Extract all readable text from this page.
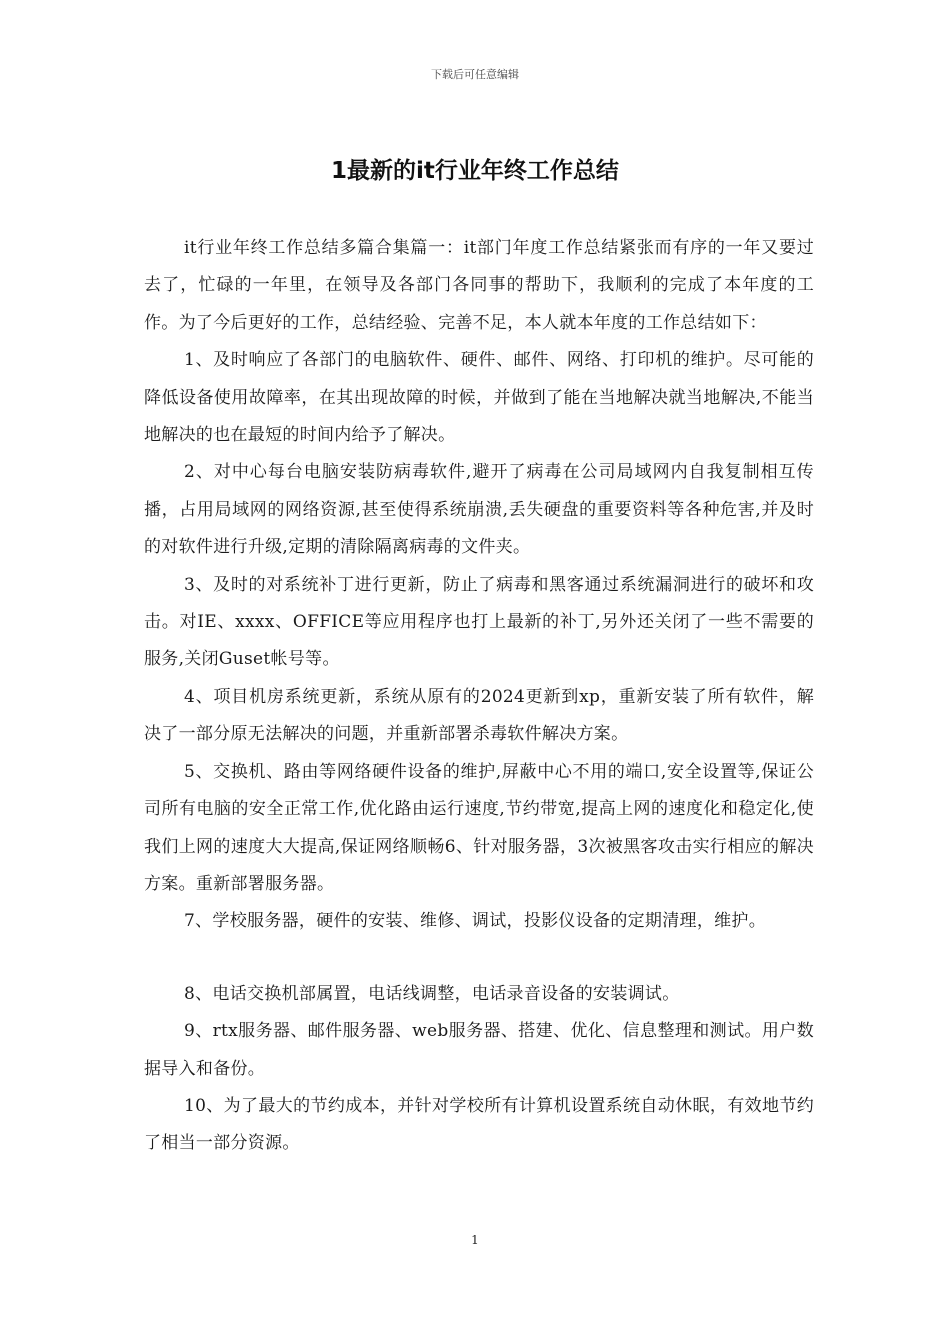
下载后可任意编辑
1最新的it行业年终工作总结

it行业年终工作总结多篇合集篇一：it部门年度工作总结紧张而有序的一年又要过去了，忙碌的一年里，在领导及各部门各同事的帮助下，我顺利的完成了本年度的工作。为了今后更好的工作，总结经验、完善不足，本人就本年度的工作总结如下：

1、及时响应了各部门的电脑软件、硬件、邮件、网络、打印机的维护。尽可能的降低设备使用故障率，在其出现故障的时候，并做到了能在当地解决就当地解决,不能当地解决的也在最短的时间内给予了解决。

2、对中心每台电脑安装防病毒软件,避开了病毒在公司局域网内自我复制相互传播，占用局域网的网络资源,甚至使得系统崩溃,丢失硬盘的重要资料等各种危害,并及时的对软件进行升级,定期的清除隔离病毒的文件夹。

3、及时的对系统补丁进行更新，防止了病毒和黑客通过系统漏洞进行的破坏和攻击。对IE、xxxx、OFFICE等应用程序也打上最新的补丁,另外还关闭了一些不需要的服务,关闭Guset帐号等。

4、项目机房系统更新，系统从原有的2024更新到xp，重新安装了所有软件，解决了一部分原无法解决的问题，并重新部署杀毒软件解决方案。

5、交换机、路由等网络硬件设备的维护,屏蔽中心不用的端口,安全设置等,保证公司所有电脑的安全正常工作,优化路由运行速度,节约带宽,提高上网的速度化和稳定化,使我们上网的速度大大提高,保证网络顺畅6、针对服务器，3次被黑客攻击实行相应的解决方案。重新部署服务器。

7、学校服务器，硬件的安装、维修、调试，投影仪设备的定期清理，维护。

8、电话交换机部属置，电话线调整，电话录音设备的安装调试。

9、rtx服务器、邮件服务器、web服务器、搭建、优化、信息整理和测试。用户数据导入和备份。

10、为了最大的节约成本，并针对学校所有计算机设置系统自动休眠，有效地节约了相当一部分资源。

1
